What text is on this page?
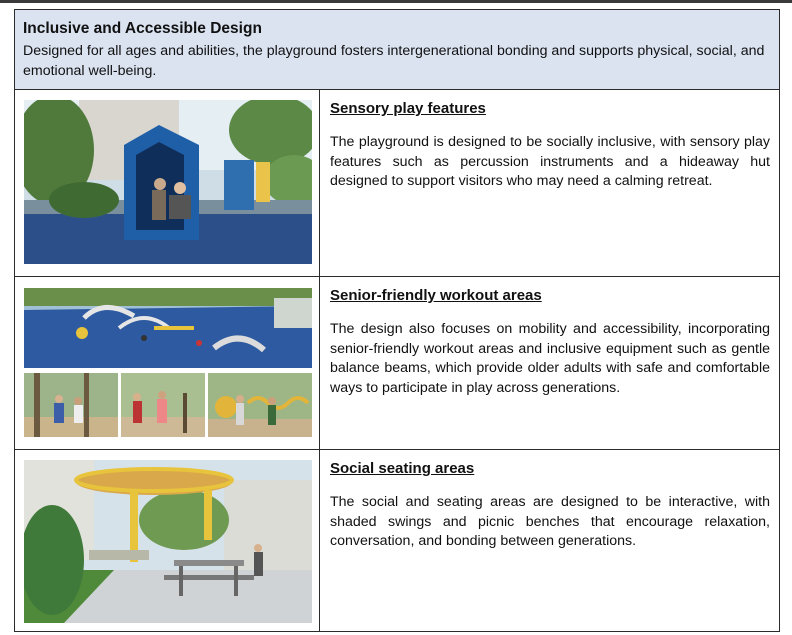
Inclusive and Accessible Design
Designed for all ages and abilities, the playground fosters intergenerational bonding and supports physical, social, and emotional well-being.
Sensory play features
The playground is designed to be socially inclusive, with sensory play features such as percussion instruments and a hideaway hut designed to support visitors who may need a calming retreat.
Senior-friendly workout areas
The design also focuses on mobility and accessibility, incorporating senior-friendly workout areas and inclusive equipment such as gentle balance beams, which provide older adults with safe and comfortable ways to participate in play across generations.
Social seating areas
The social and seating areas are designed to be interactive, with shaded swings and picnic benches that encourage relaxation, conversation, and bonding between generations.
